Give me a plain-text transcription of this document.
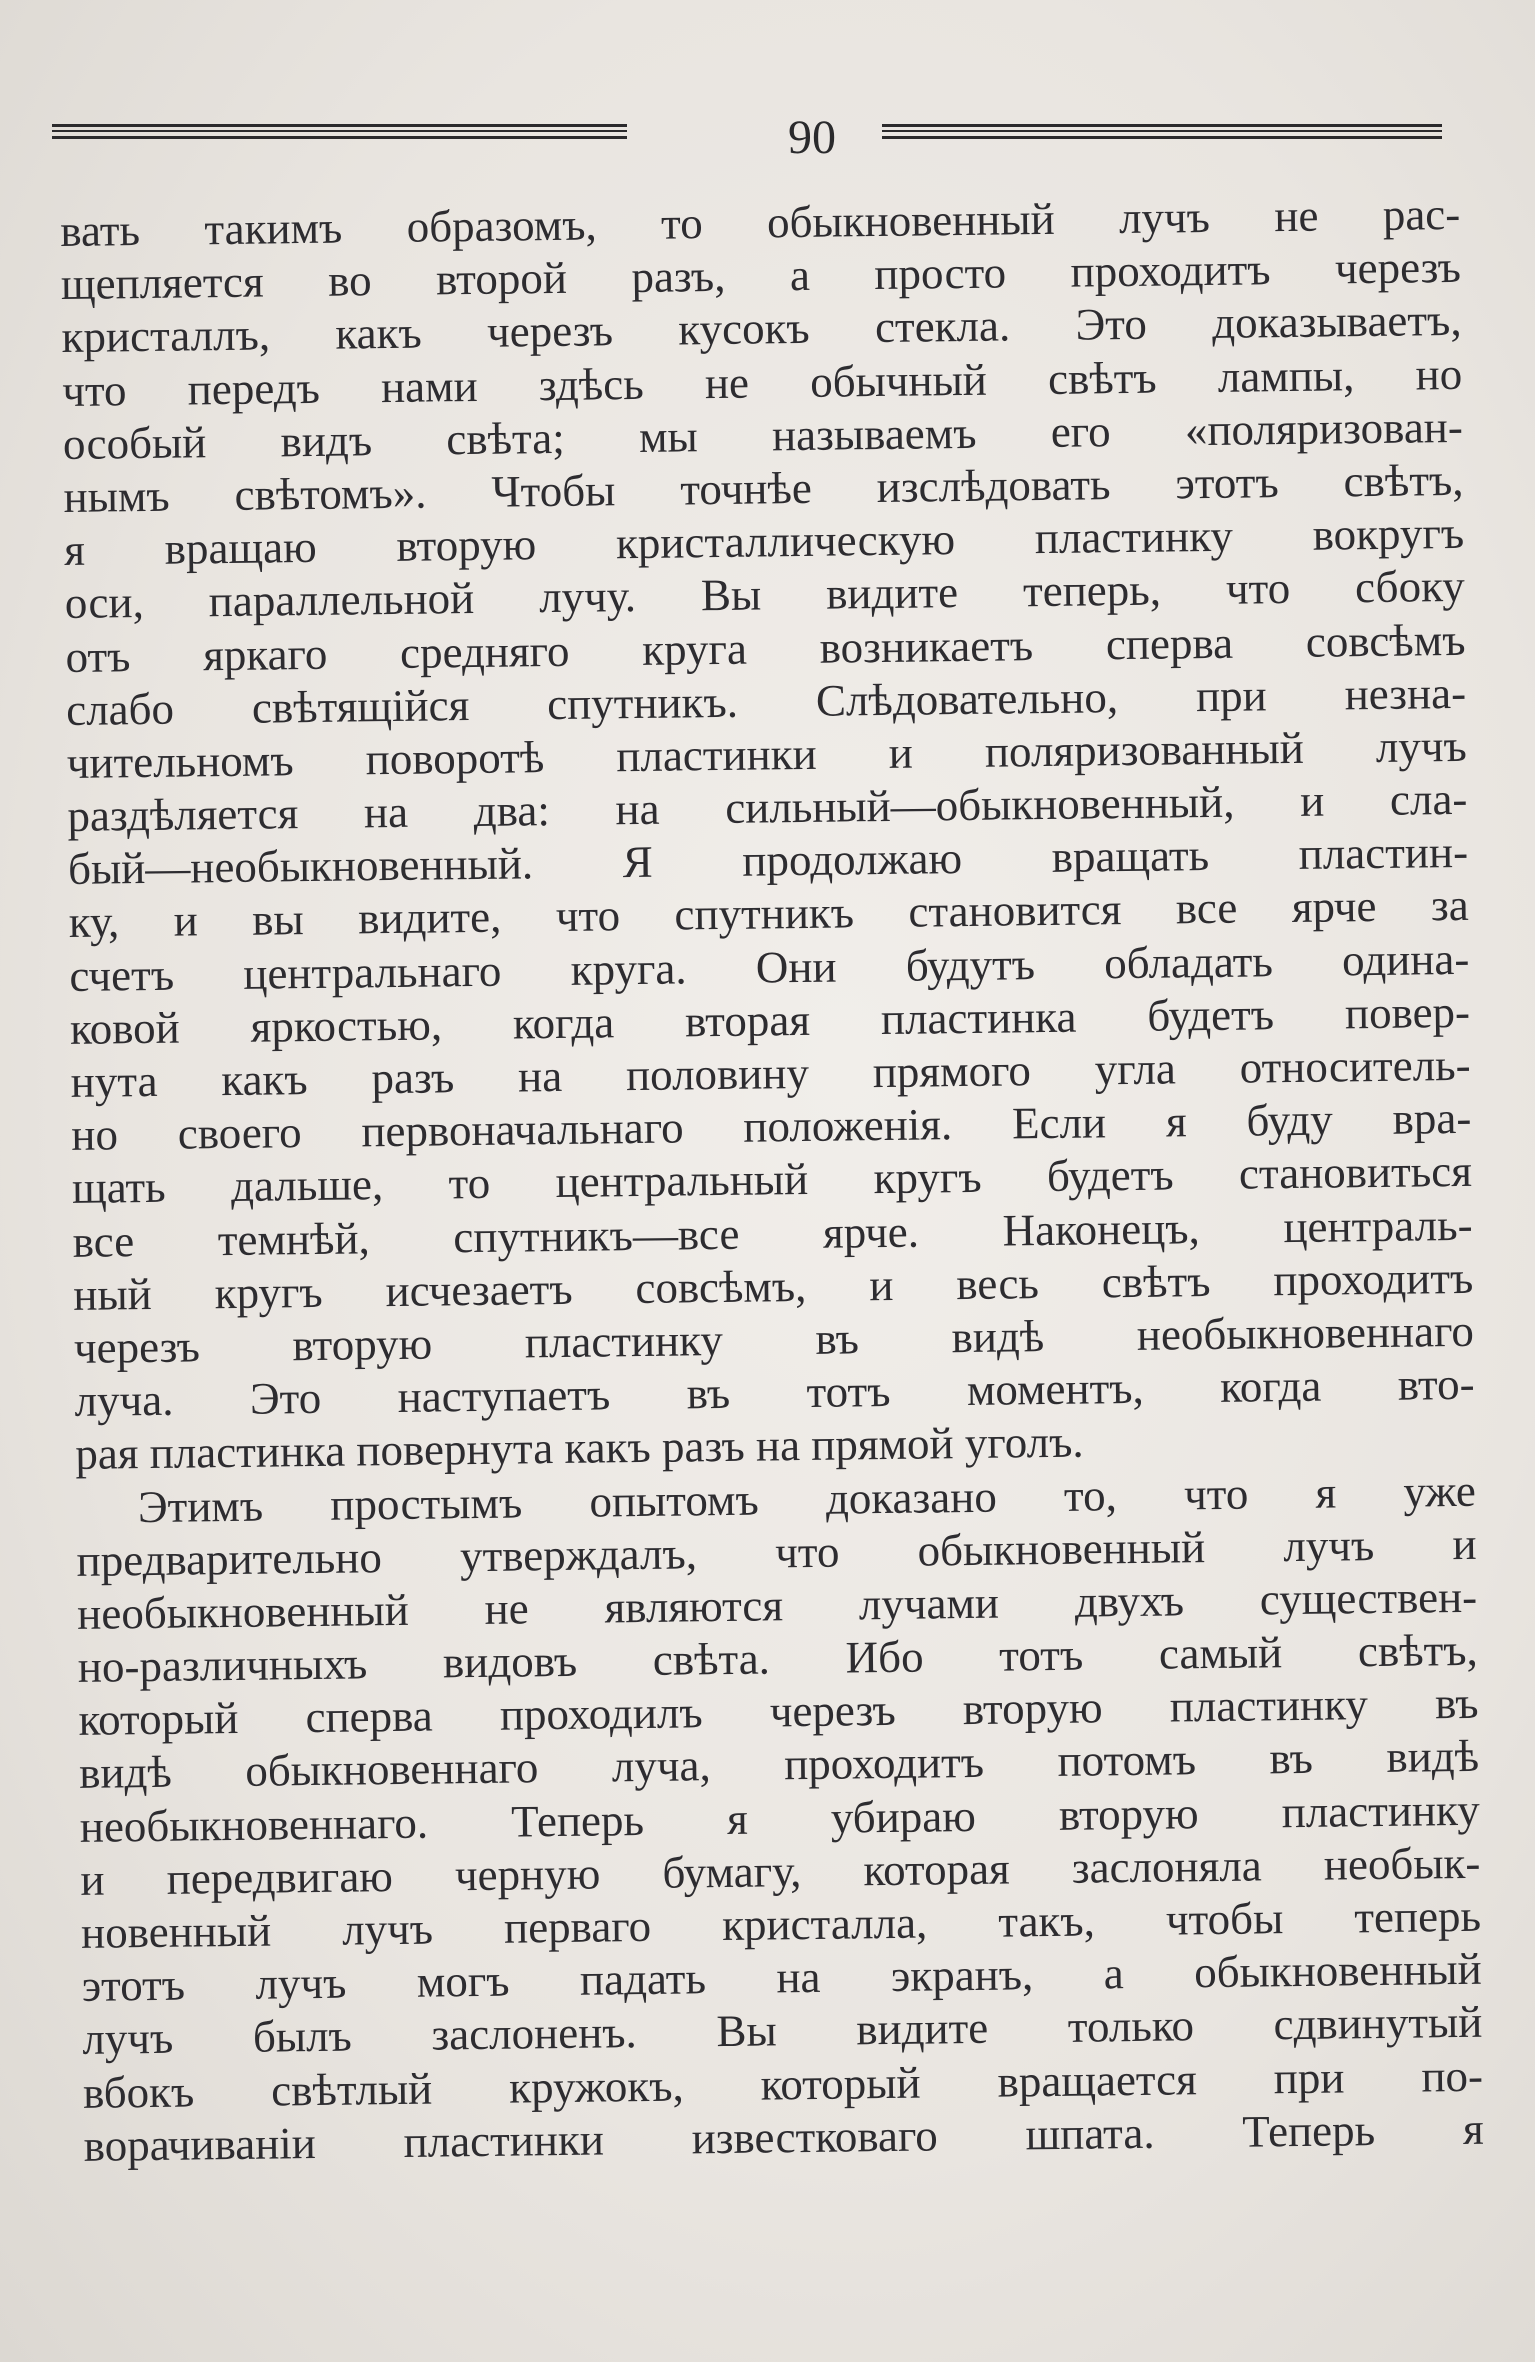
90
вать такимъ образомъ, то обыкновенный лучъ не рас-
щепляется во второй разъ, а просто проходитъ черезъ
кристаллъ, какъ черезъ кусокъ стекла. Это доказываетъ,
что передъ нами здѣсь не обычный свѣтъ лампы, но
особый видъ свѣта; мы называемъ его «поляризован-
нымъ свѣтомъ». Чтобы точнѣе изслѣдовать этотъ свѣтъ,
я вращаю вторую кристаллическую пластинку вокругъ
оси, параллельной лучу. Вы видите теперь, что сбоку
отъ яркаго средняго круга возникаетъ сперва совсѣмъ
слабо свѣтящiйся спутникъ. Слѣдовательно, при незна-
чительномъ поворотѣ пластинки и поляризованный лучъ
раздѣляется на два: на сильный—обыкновенный, и сла-
бый—необыкновенный. Я продолжаю вращать пластин-
ку, и вы видите, что спутникъ становится все ярче за
счетъ центральнаго круга. Они будутъ обладать одина-
ковой яркостью, когда вторая пластинка будетъ повер-
нута какъ разъ на половину прямого угла относитель-
но своего первоначальнаго положенiя. Если я буду вра-
щать дальше, то центральный кругъ будетъ становиться
все темнѣй, спутникъ—все ярче. Наконецъ, централь-
ный кругъ исчезаетъ совсѣмъ, и весь свѣтъ проходитъ
черезъ вторую пластинку въ видѣ необыкновеннаго
луча. Это наступаетъ въ тотъ моментъ, когда вто-
рая пластинка повернута какъ разъ на прямой уголъ.
Этимъ простымъ опытомъ доказано то, что я уже
предварительно утверждалъ, что обыкновенный лучъ и
необыкновенный не являются лучами двухъ существен-
но-различныхъ видовъ свѣта. Ибо тотъ самый свѣтъ,
который сперва проходилъ черезъ вторую пластинку въ
видѣ обыкновеннаго луча, проходитъ потомъ въ видѣ
необыкновеннаго. Теперь я убираю вторую пластинку
и передвигаю черную бумагу, которая заслоняла необык-
новенный лучъ перваго кристалла, такъ, чтобы теперь
этотъ лучъ могъ падать на экранъ, а обыкновенный
лучъ былъ заслоненъ. Вы видите только сдвинутый
вбокъ свѣтлый кружокъ, который вращается при по-
ворачиванiи пластинки известковаго шпата. Теперь я
